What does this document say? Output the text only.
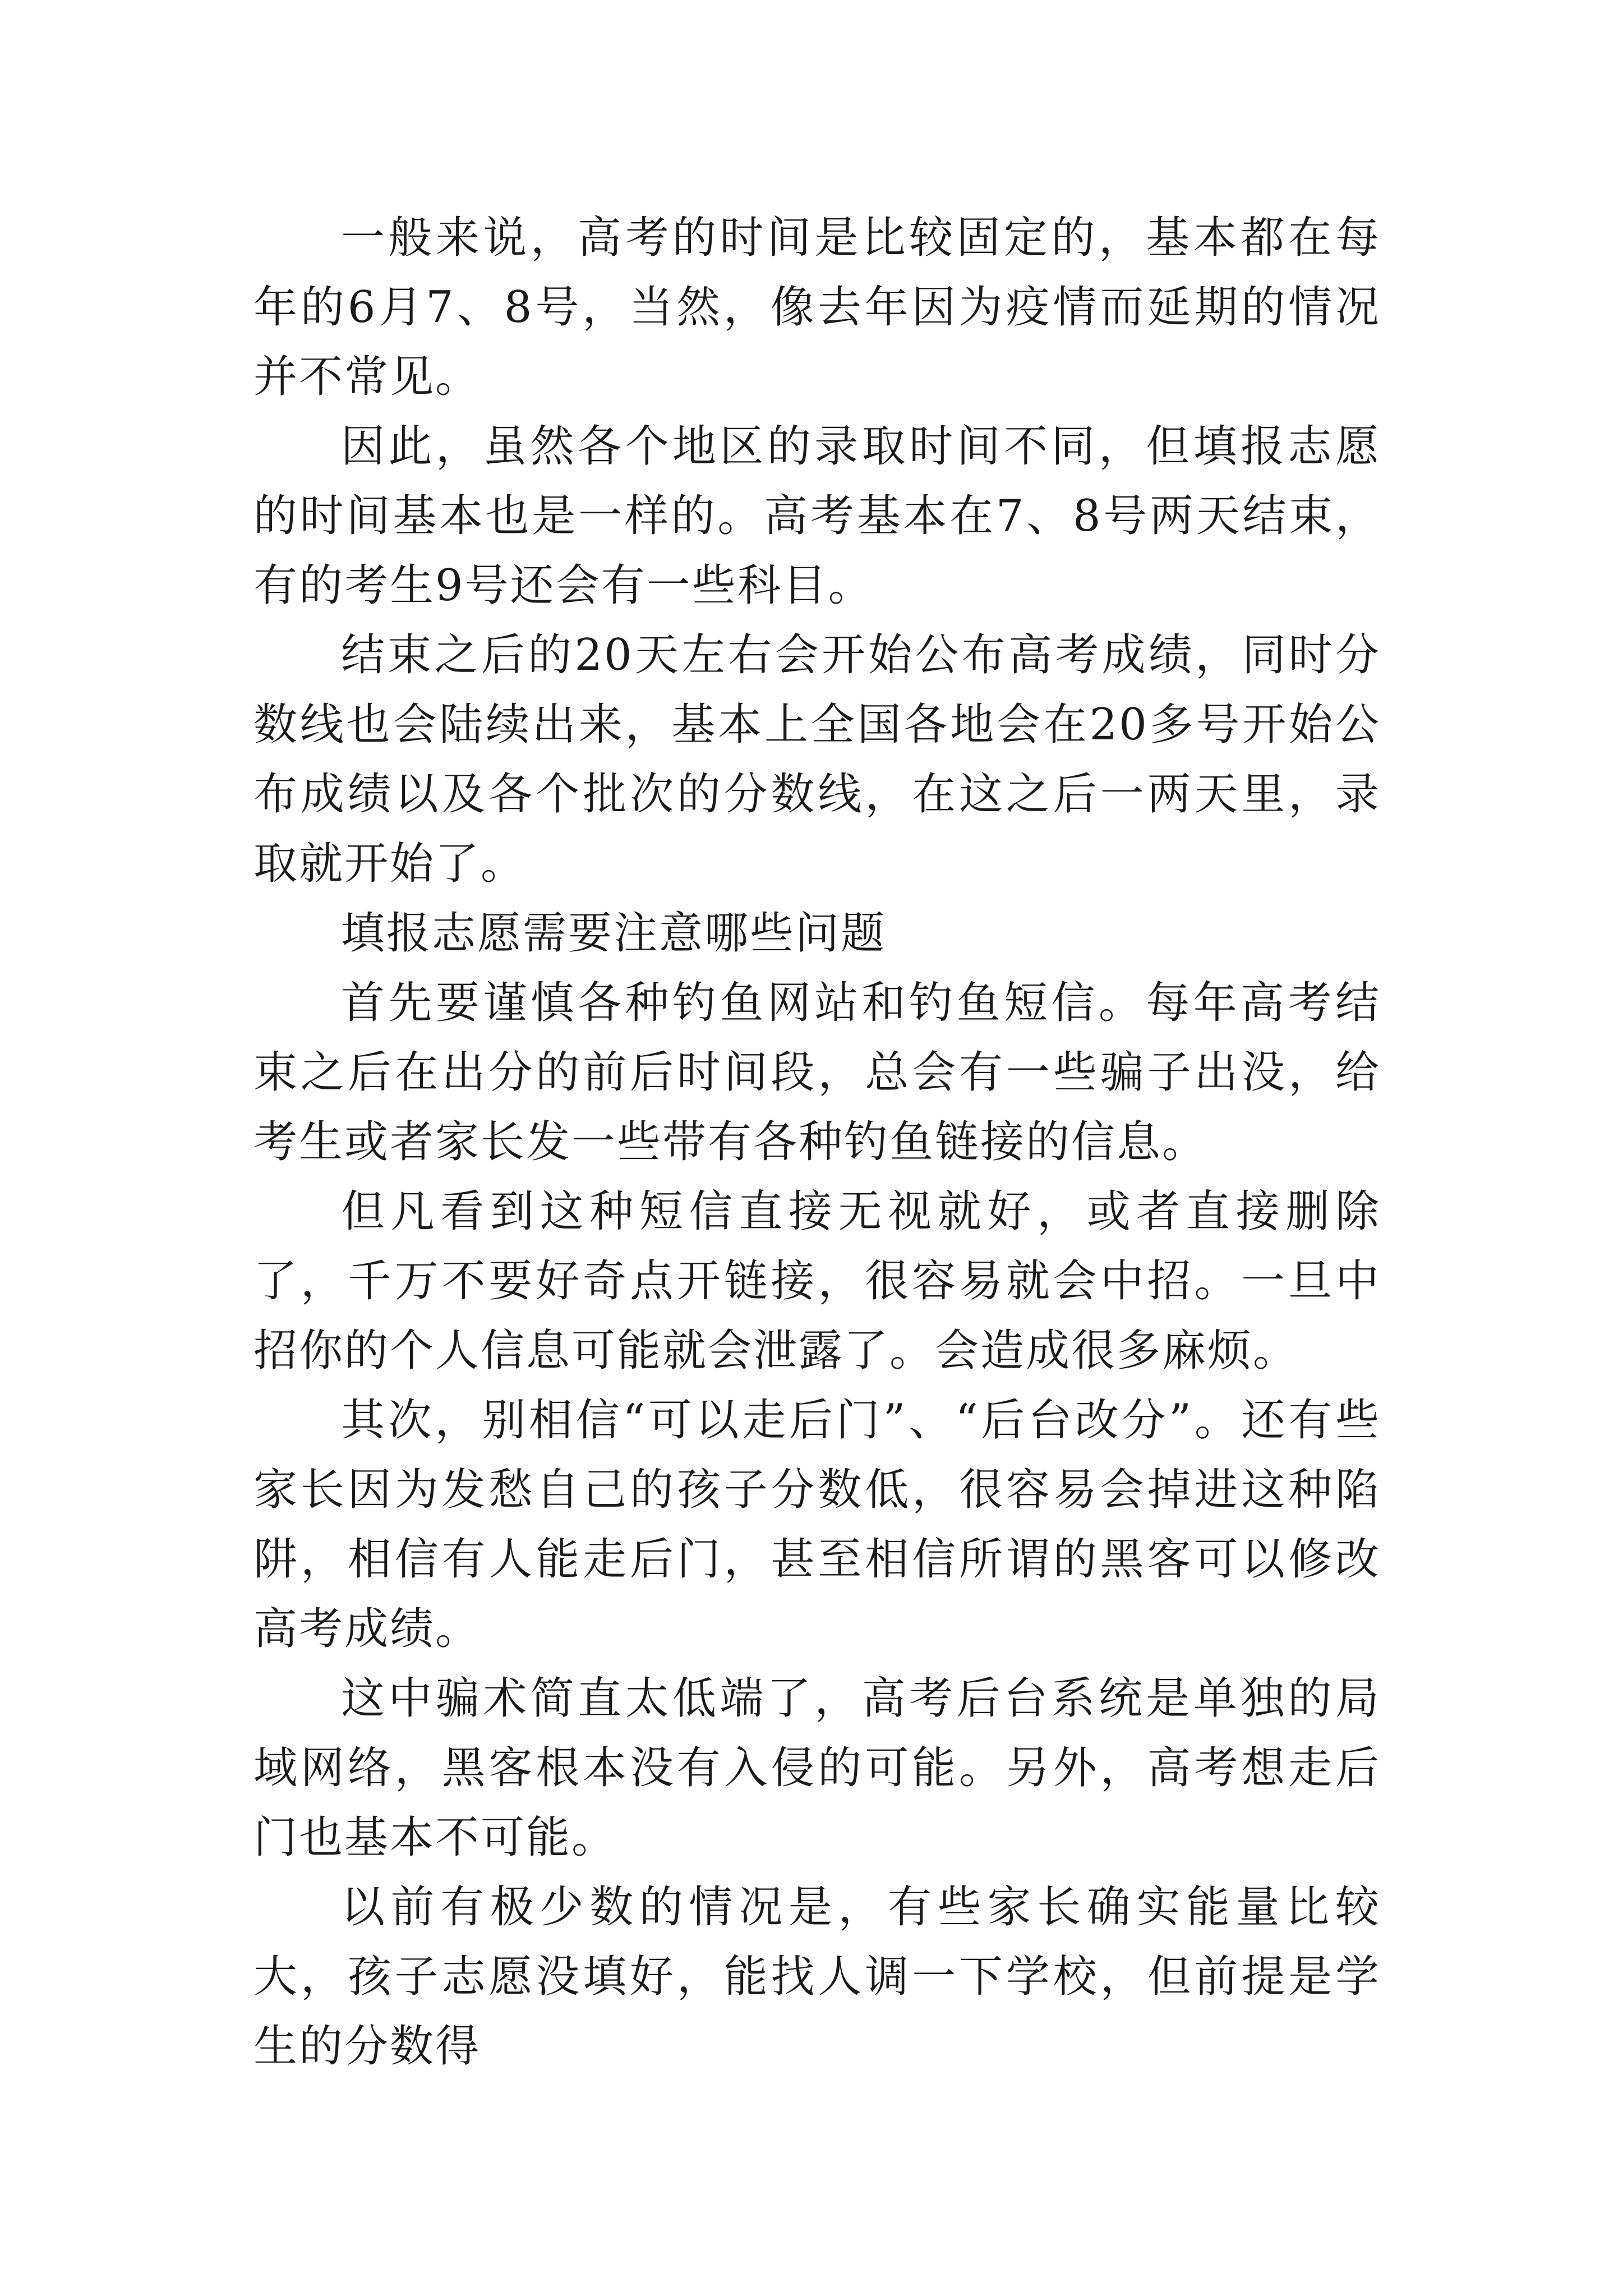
一般来说，高考的时间是比较固定的，基本都在每年的6月7、8号，当然，像去年因为疫情而延期的情况并不常见。

因此，虽然各个地区的录取时间不同，但填报志愿的时间基本也是一样的。高考基本在7、8号两天结束，有的考生9号还会有一些科目。

结束之后的20天左右会开始公布高考成绩，同时分数线也会陆续出来，基本上全国各地会在20多号开始公布成绩以及各个批次的分数线，在这之后一两天里，录取就开始了。

填报志愿需要注意哪些问题

首先要谨慎各种钓鱼网站和钓鱼短信。每年高考结束之后在出分的前后时间段，总会有一些骗子出没，给考生或者家长发一些带有各种钓鱼链接的信息。

但凡看到这种短信直接无视就好，或者直接删除了，千万不要好奇点开链接，很容易就会中招。一旦中招你的个人信息可能就会泄露了。会造成很多麻烦。

其次，别相信“可以走后门”、“后台改分”。还有些家长因为发愁自己的孩子分数低，很容易会掉进这种陷阱，相信有人能走后门，甚至相信所谓的黑客可以修改高考成绩。

这中骗术简直太低端了，高考后台系统是单独的局域网络，黑客根本没有入侵的可能。另外，高考想走后门也基本不可能。

以前有极少数的情况是，有些家长确实能量比较大，孩子志愿没填好，能找人调一下学校，但前提是学生的分数得
